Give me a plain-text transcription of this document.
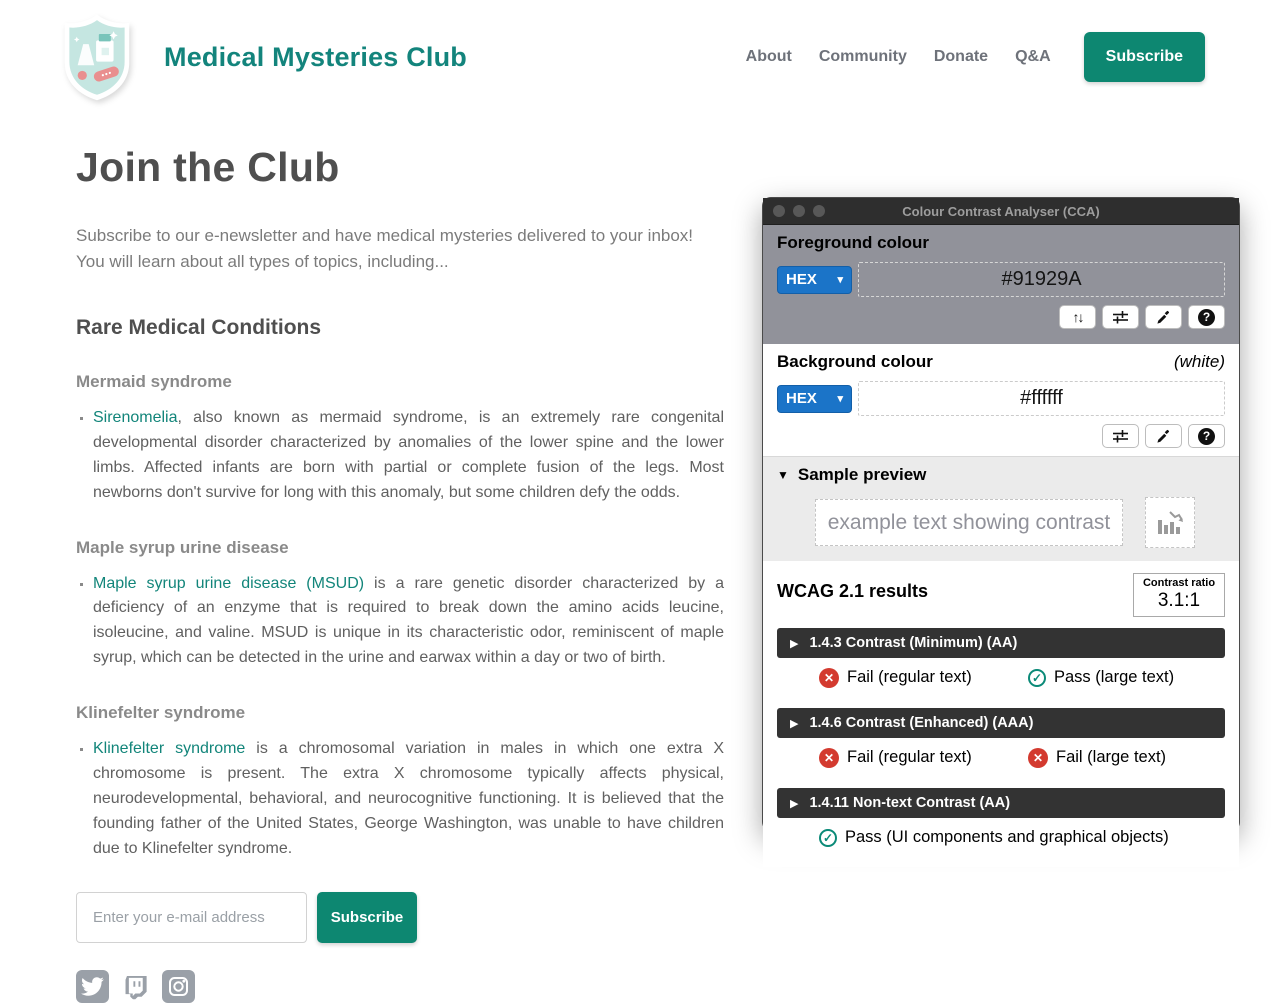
Medical Mysteries Club	About Community Donate Q&A	Subscribe
Join the Club

Subscribe to our e-newsletter and have medical mysteries delivered to your inbox! You will learn about all types of topics, including...

Rare Medical Conditions
Mermaid syndrome
▪ Sirenomelia, also known as mermaid syndrome, is an extremely rare congenital developmental disorder characterized by anomalies of the lower spine and the lower limbs. Affected infants are born with partial or complete fusion of the legs. Most newborns don't survive for long with this anomaly, but some children defy the odds.
Maple syrup urine disease
▪ Maple syrup urine disease (MSUD) is a rare genetic disorder characterized by a deficiency of an enzyme that is required to break down the amino acids leucine, isoleucine, and valine. MSUD is unique in its characteristic odor, reminiscent of maple syrup, which can be detected in the urine and earwax within a day or two of birth.
Klinefelter syndrome
▪ Klinefelter syndrome is a chromosomal variation in males in which one extra X chromosome is present. The extra X chromosome typically affects physical, neurodevelopmental, behavioral, and neurocognitive functioning. It is believed that the founding father of the United States, George Washington, was unable to have children due to Klinefelter syndrome.
Enter your e-mail address
Subscribe
Colour Contrast Analyser (CCA)
Foreground colour
HEX ▾
#91929A
↑↓	?
Background colour	(white)
HEX ▾
#ffffff
?
▼ Sample preview
example text showing contrast
WCAG 2.1 results	Contrast ratio
3.1:1
▶ 1.4.3 Contrast (Minimum) (AA)
✕
Fail (regular text) ✓	Pass (large text)
▶ 1.4.6 Contrast (Enhanced) (AAA)
✕
Fail (regular text) ✕	Fail (large text)
▶ 1.4.11 Non-text Contrast (AA)
✓
Pass (UI components and graphical objects)
